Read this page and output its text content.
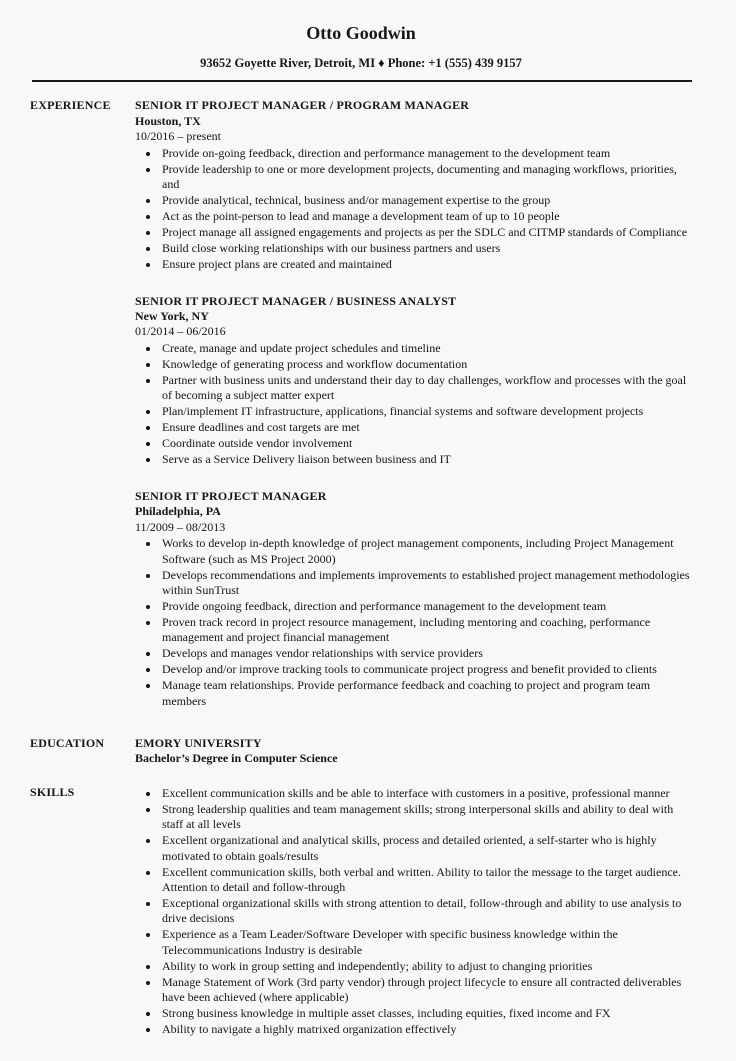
Otto Goodwin
93652 Goyette River, Detroit, MI ♦ Phone: +1 (555) 439 9157
EXPERIENCE	SENIOR IT PROJECT MANAGER / PROGRAM MANAGER
Houston, TX
10/2016 – present
• Provide on-going feedback, direction and performance management to the development team
• Provide leadership to one or more development projects, documenting and managing workflows, priorities, and
• Provide analytical, technical, business and/or management expertise to the group
• Act as the point-person to lead and manage a development team of up to 10 people
• Project manage all assigned engagements and projects as per the SDLC and CITMP standards of Compliance
• Build close working relationships with our business partners and users
• Ensure project plans are created and maintained
SENIOR IT PROJECT MANAGER / BUSINESS ANALYST
New York, NY
01/2014 – 06/2016
• Create, manage and update project schedules and timeline
• Knowledge of generating process and workflow documentation
• Partner with business units and understand their day to day challenges, workflow and processes with the goal of becoming a subject matter expert
• Plan/implement IT infrastructure, applications, financial systems and software development projects
• Ensure deadlines and cost targets are met
• Coordinate outside vendor involvement
• Serve as a Service Delivery liaison between business and IT
SENIOR IT PROJECT MANAGER
Philadelphia, PA
11/2009 – 08/2013
• Works to develop in-depth knowledge of project management components, including Project Management Software (such as MS Project 2000)
• Develops recommendations and implements improvements to established project management methodologies within SunTrust
• Provide ongoing feedback, direction and performance management to the development team
• Proven track record in project resource management, including mentoring and coaching, performance management and project financial management
• Develops and manages vendor relationships with service providers
• Develop and/or improve tracking tools to communicate project progress and benefit provided to clients
• Manage team relationships. Provide performance feedback and coaching to project and program team members
EDUCATION	EMORY UNIVERSITY
Bachelor’s Degree in Computer Science
SKILLS	• Excellent communication skills and be able to interface with customers in a positive, professional manner
• Strong leadership qualities and team management skills; strong interpersonal skills and ability to deal with staff at all levels
• Excellent organizational and analytical skills, process and detailed oriented, a self-starter who is highly motivated to obtain goals/results
• Excellent communication skills, both verbal and written. Ability to tailor the message to the target audience. Attention to detail and follow-through
• Exceptional organizational skills with strong attention to detail, follow-through and ability to use analysis to drive decisions
• Experience as a Team Leader/Software Developer with specific business knowledge within the Telecommunications Industry is desirable
• Ability to work in group setting and independently; ability to adjust to changing priorities
• Manage Statement of Work (3rd party vendor) through project lifecycle to ensure all contracted deliverables have been achieved (where applicable)
• Strong business knowledge in multiple asset classes, including equities, fixed income and FX
• Ability to navigate a highly matrixed organization effectively
